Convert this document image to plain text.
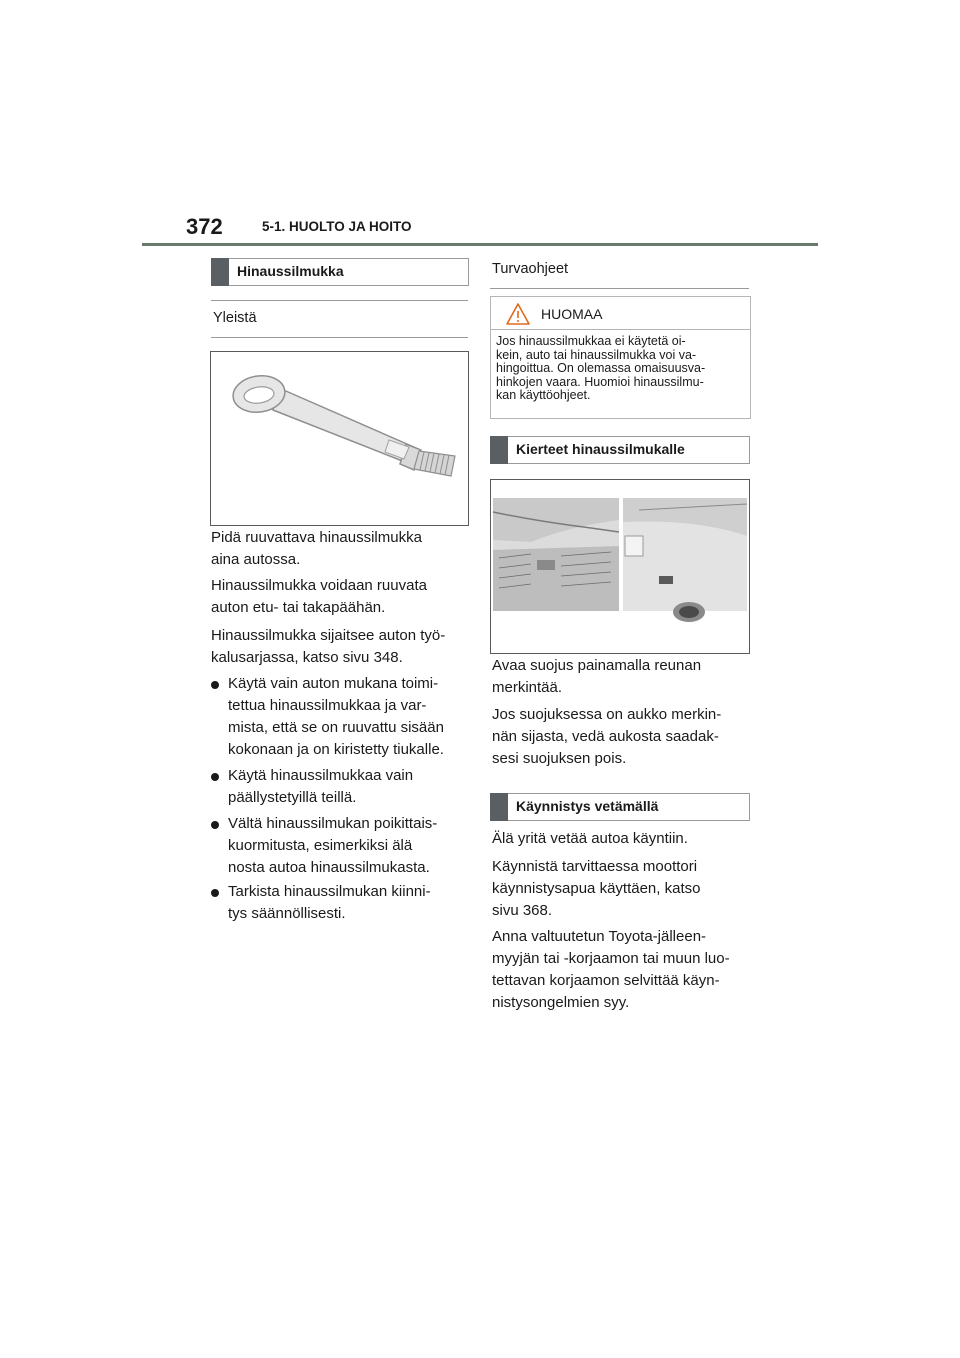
372	5-1. HUOLTO JA HOITO
Hinaussilmukka
Yleistä

Pidä ruuvattava hinaussilmukka
aina autossa.

Hinaussilmukka voidaan ruuvata
auton etu- tai takapäähän.

Hinaussilmukka sijaitsee auton työ-
kalusarjassa, katso sivu 348.

Käytä vain auton mukana toimi-
tettua hinaussilmukkaa ja var-
mista, että se on ruuvattu sisään
kokonaan ja on kiristetty tiukalle.
Käytä hinaussilmukkaa vain
päällystetyillä teillä.
Vältä hinaussilmukan poikittais-
kuormitusta, esimerkiksi älä
nosta autoa hinaussilmukasta.
Tarkista hinaussilmukan kiinni-
tys säännöllisesti.
Turvaohjeet
HUOMAA
Jos hinaussilmukkaa ei käytetä oi-
kein, auto tai hinaussilmukka voi va-
hingoittua. On olemassa omaisuusva-
hinkojen vaara. Huomioi hinaussilmu-
kan käyttöohjeet.
Kierteet hinaussilmukalle

Avaa suojus painamalla reunan
merkintää.

Jos suojuksessa on aukko merkin-
nän sijasta, vedä aukosta saadak-
sesi suojuksen pois.

Käynnistys vetämällä

Älä yritä vetää autoa käyntiin.

Käynnistä tarvittaessa moottori
käynnistysapua käyttäen, katso
sivu 368.

Anna valtuutetun Toyota-jälleen-
myyjän tai -korjaamon tai muun luo-
tettavan korjaamon selvittää käyn-
nistysongelmien syy.
